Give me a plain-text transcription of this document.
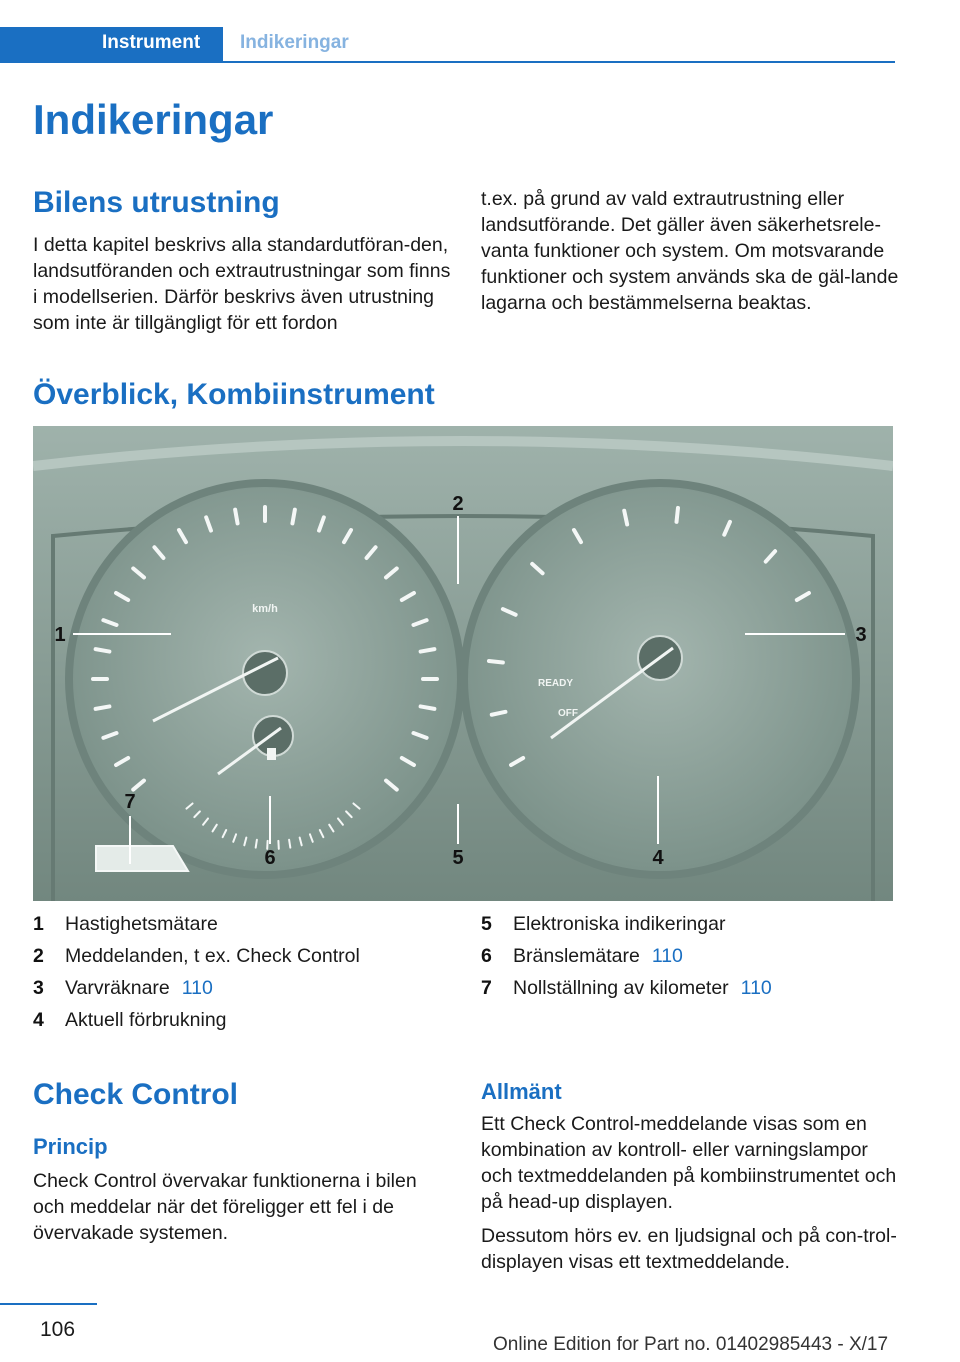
Instrument Indikeringar
Indikeringar
Bilens utrustning

I detta kapitel beskrivs alla standardutföran-den, landsutföranden och extrautrustningar som finns i modellserien. Därför beskrivs även utrustning som inte är tillgängligt för ett fordon

t.ex. på grund av vald extrautrustning eller landsutförande. Det gäller även säkerhetsrele-vanta funktioner och system. Om motsvarande funktioner och system används ska de gäl-lande lagarna och bestämmelserna beaktas.

Överblick, Kombiinstrument
km/h
READY
OFF
1
2
3
4
5
6
7
1 Hastighetsmätare
2 Meddelanden, t ex. Check Control
3 Varvräknare 110
4 Aktuell förbrukning
5 Elektroniska indikeringar
6 Bränslemätare 110
7 Nollställning av kilometer 110
Check Control
Princip

Check Control övervakar funktionerna i bilen och meddelar när det föreligger ett fel i de övervakade systemen.

Allmänt

Ett Check Control-meddelande visas som en kombination av kontroll- eller varningslampor och textmeddelanden på kombiinstrumentet och på head-up displayen.

Dessutom hörs ev. en ljudsignal och på con-trol-displayen visas ett textmeddelande.

106
Online Edition for Part no. 01402985443 - X/17
